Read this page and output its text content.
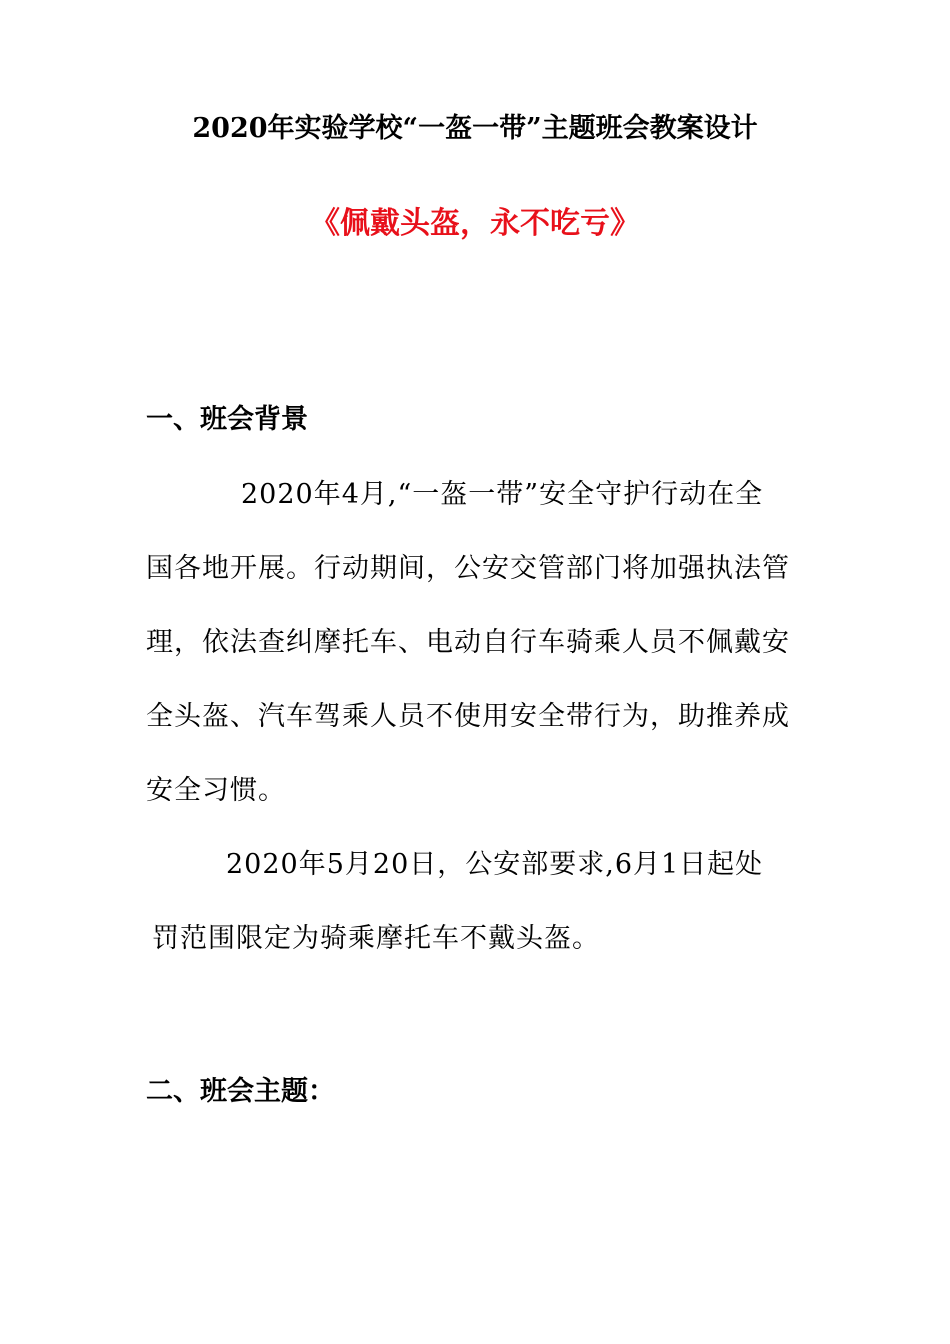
2020年实验学校“一盔一带”主题班会教案设计
《佩戴头盔，永不吃亏》
一、班会背景
2020年4月,“一盔一带”安全守护行动在全
国各地开展。行动期间，公安交管部门将加强执法管
理，依法查纠摩托车、电动自行车骑乘人员不佩戴安
全头盔、汽车驾乘人员不使用安全带行为，助推养成
安全习惯。
2020年5月20日，公安部要求,6月1日起处
罚范围限定为骑乘摩托车不戴头盔。
二、班会主题：
